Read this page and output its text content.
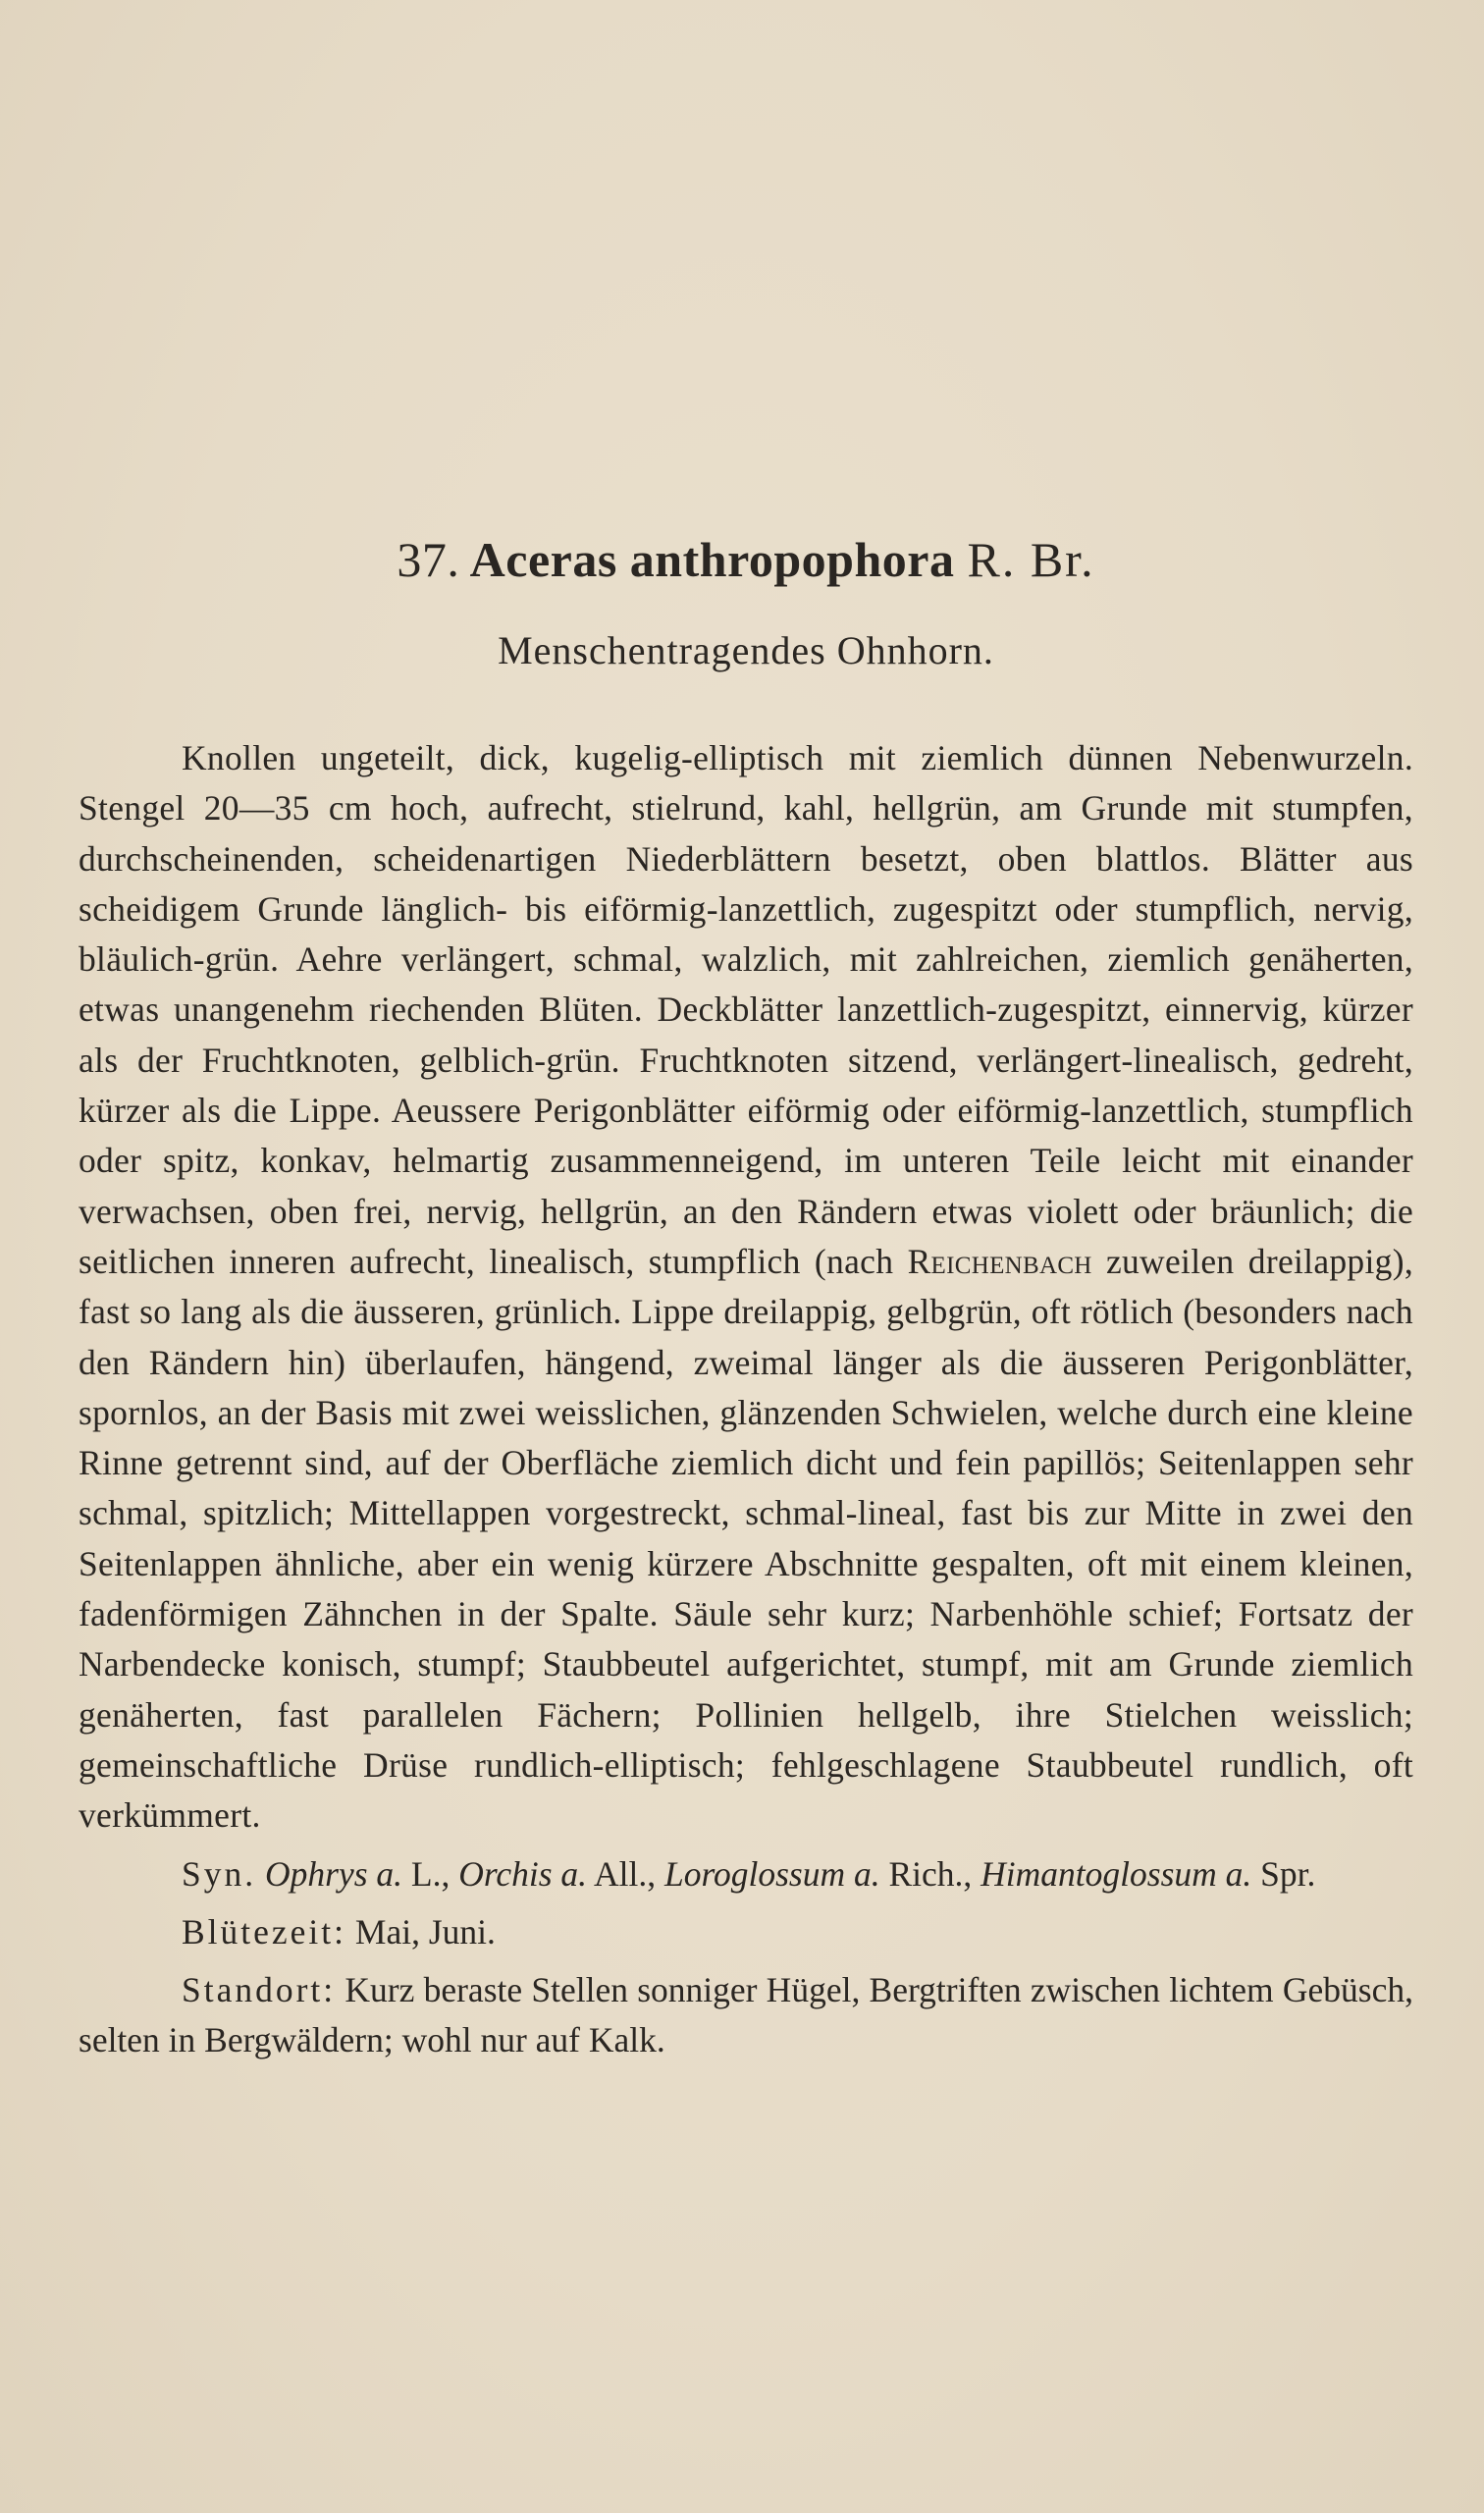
37. Aceras anthropophora R. Br.

Menschentragendes Ohnhorn.

Knollen ungeteilt, dick, kugelig-elliptisch mit ziemlich dünnen Nebenwurzeln. Stengel 20—35 cm hoch, aufrecht, stielrund, kahl, hellgrün, am Grunde mit stumpfen, durchscheinenden, scheidenartigen Niederblättern besetzt, oben blattlos. Blätter aus scheidigem Grunde länglich- bis eiförmig-lanzettlich, zugespitzt oder stumpflich, nervig, bläulich-grün. Aehre verlängert, schmal, walzlich, mit zahlreichen, ziemlich genäherten, etwas unangenehm riechenden Blüten. Deckblätter lanzettlich-zugespitzt, einnervig, kürzer als der Fruchtknoten, gelblich-grün. Fruchtknoten sitzend, verlängert-linealisch, gedreht, kürzer als die Lippe. Aeussere Perigonblätter eiförmig oder eiförmig-lanzettlich, stumpflich oder spitz, konkav, helmartig zusammenneigend, im unteren Teile leicht mit einander verwachsen, oben frei, nervig, hellgrün, an den Rändern etwas violett oder bräunlich; die seitlichen inneren aufrecht, linealisch, stumpflich (nach Reichenbach zuweilen dreilappig), fast so lang als die äusseren, grünlich. Lippe dreilappig, gelbgrün, oft rötlich (besonders nach den Rändern hin) überlaufen, hängend, zweimal länger als die äusseren Perigonblätter, spornlos, an der Basis mit zwei weisslichen, glänzenden Schwielen, welche durch eine kleine Rinne getrennt sind, auf der Oberfläche ziemlich dicht und fein papillös; Seitenlappen sehr schmal, spitzlich; Mittellappen vorgestreckt, schmal-lineal, fast bis zur Mitte in zwei den Seitenlappen ähnliche, aber ein wenig kürzere Abschnitte gespalten, oft mit einem kleinen, fadenförmigen Zähnchen in der Spalte. Säule sehr kurz; Narbenhöhle schief; Fortsatz der Narbendecke konisch, stumpf; Staubbeutel aufgerichtet, stumpf, mit am Grunde ziemlich genäherten, fast parallelen Fächern; Pollinien hellgelb, ihre Stielchen weisslich; gemeinschaftliche Drüse rundlich-elliptisch; fehlgeschlagene Staubbeutel rundlich, oft verkümmert.

Syn. Ophrys a. L., Orchis a. All., Loroglossum a. Rich., Himantoglossum a. Spr.

Blütezeit: Mai, Juni.

Standort: Kurz beraste Stellen sonniger Hügel, Bergtriften zwischen lichtem Gebüsch, selten in Bergwäldern; wohl nur auf Kalk.
